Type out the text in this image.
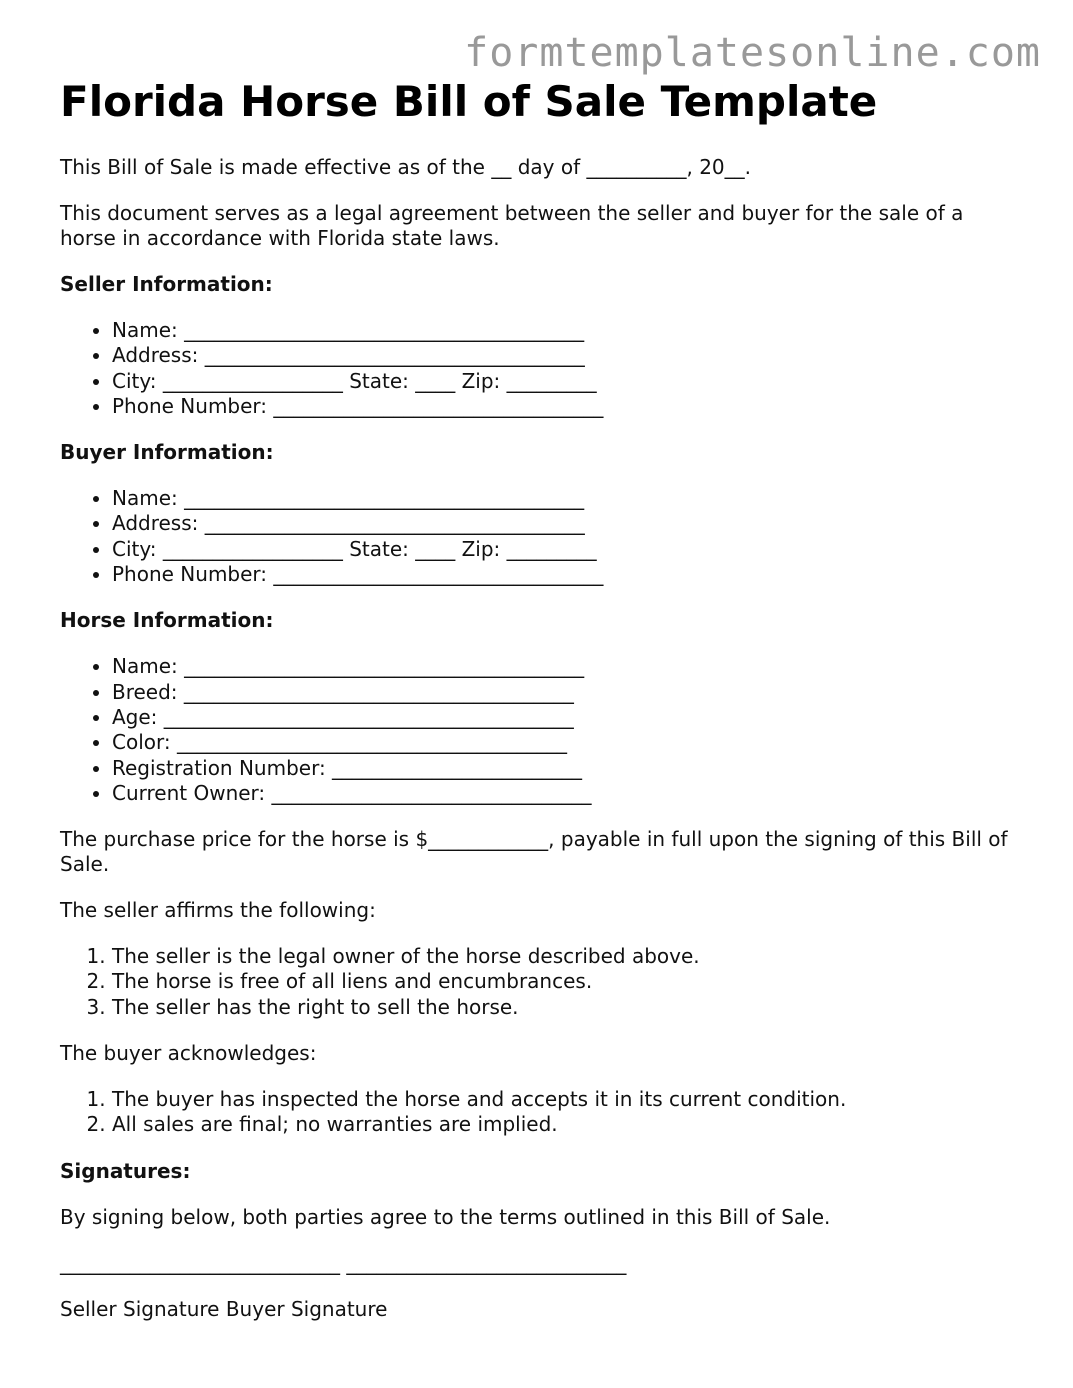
formtemplatesonline.com
Florida Horse Bill of Sale Template

This Bill of Sale is made effective as of the __ day of __________, 20__.

This document serves as a legal agreement between the seller and buyer for the sale of a horse in accordance with Florida state laws.

Seller Information:

• Name: ________________________________________
• Address: ______________________________________
• City: __________________ State: ____ Zip: _________
• Phone Number: _________________________________

Buyer Information:

• Name: ________________________________________
• Address: ______________________________________
• City: __________________ State: ____ Zip: _________
• Phone Number: _________________________________

Horse Information:

• Name: ________________________________________
• Breed: _______________________________________
• Age: _________________________________________
• Color: _______________________________________
• Registration Number: _________________________
• Current Owner: ________________________________

The purchase price for the horse is $____________, payable in full upon the signing of this Bill of Sale.

The seller affirms the following:

1. The seller is the legal owner of the horse described above.
2. The horse is free of all liens and encumbrances.
3. The seller has the right to sell the horse.

The buyer acknowledges:

1. The buyer has inspected the horse and accepts it in its current condition.
2. All sales are final; no warranties are implied.

Signatures:

By signing below, both parties agree to the terms outlined in this Bill of Sale.

____________________________ ____________________________

Seller Signature Buyer Signature
